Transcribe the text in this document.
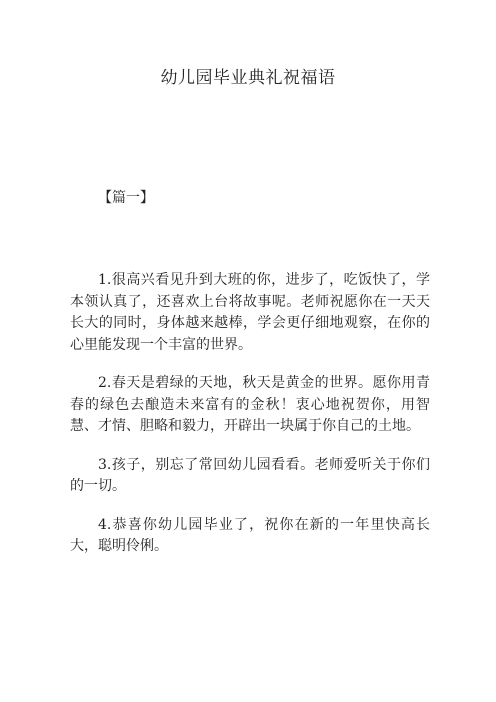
幼儿园毕业典礼祝福语
【篇一】

1.很高兴看见升到大班的你，进步了，吃饭快了，学本领认真了，还喜欢上台将故事呢。老师祝愿你在一天天长大的同时，身体越来越棒，学会更仔细地观察，在你的心里能发现一个丰富的世界。

2.春天是碧绿的天地，秋天是黄金的世界。愿你用青春的绿色去酿造未来富有的金秋！衷心地祝贺你，用智慧、才情、胆略和毅力，开辟出一块属于你自己的土地。

3.孩子，别忘了常回幼儿园看看。老师爱听关于你们的一切。

4.恭喜你幼儿园毕业了，祝你在新的一年里快高长大，聪明伶俐。
